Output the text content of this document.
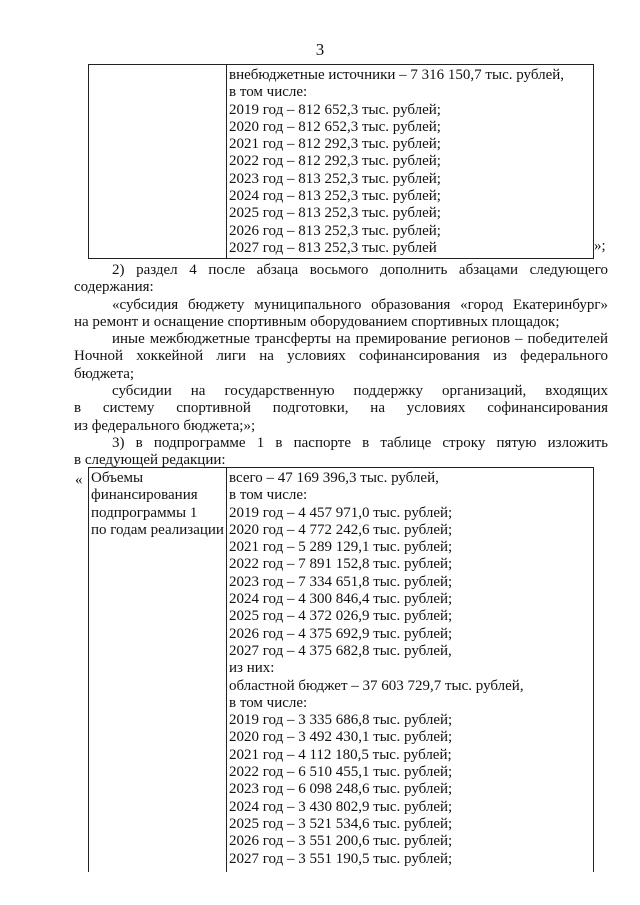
3
внебюджетные источники – 7 316 150,7 тыс. рублей,
в том числе:
2019 год – 812 652,3 тыс. рублей;
2020 год – 812 652,3 тыс. рублей;
2021 год – 812 292,3 тыс. рублей;
2022 год – 812 292,3 тыс. рублей;
2023 год – 813 252,3 тыс. рублей;
2024 год – 813 252,3 тыс. рублей;
2025 год – 813 252,3 тыс. рублей;
2026 год – 813 252,3 тыс. рублей;
2027 год – 813 252,3 тыс. рублей	»;
2) раздел 4 после абзаца восьмого дополнить абзацами следующего
содержания:
«субсидия бюджету муниципального образования «город Екатеринбург»
на ремонт и оснащение спортивным оборудованием спортивных площадок;
иные межбюджетные трансферты на премирование регионов – победителей
Ночной хоккейной лиги на условиях софинансирования из федерального
бюджета;
субсидии на государственную поддержку организаций, входящих
в систему спортивной подготовки, на условиях софинансирования
из федерального бюджета;»;
3) в подпрограмме 1 в паспорте в таблице строку пятую изложить
в следующей редакции:
« Объемы
финансирования
подпрограммы 1
по годам реализации
всего – 47 169 396,3 тыс. рублей,
в том числе:
2019 год – 4 457 971,0 тыс. рублей;
2020 год – 4 772 242,6 тыс. рублей;
2021 год – 5 289 129,1 тыс. рублей;
2022 год – 7 891 152,8 тыс. рублей;
2023 год – 7 334 651,8 тыс. рублей;
2024 год – 4 300 846,4 тыс. рублей;
2025 год – 4 372 026,9 тыс. рублей;
2026 год – 4 375 692,9 тыс. рублей;
2027 год – 4 375 682,8 тыс. рублей,
из них:
областной бюджет – 37 603 729,7 тыс. рублей,
в том числе:
2019 год – 3 335 686,8 тыс. рублей;
2020 год – 3 492 430,1 тыс. рублей;
2021 год – 4 112 180,5 тыс. рублей;
2022 год – 6 510 455,1 тыс. рублей;
2023 год – 6 098 248,6 тыс. рублей;
2024 год – 3 430 802,9 тыс. рублей;
2025 год – 3 521 534,6 тыс. рублей;
2026 год – 3 551 200,6 тыс. рублей;
2027 год – 3 551 190,5 тыс. рублей;
